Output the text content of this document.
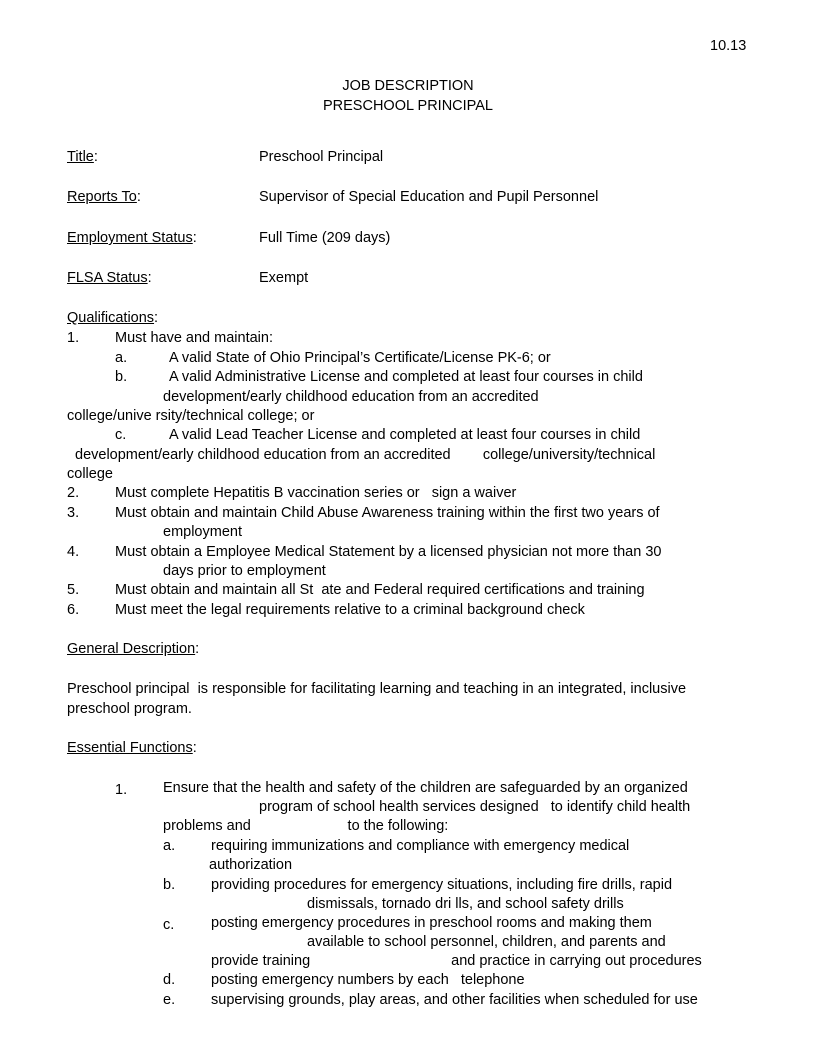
10.13
JOB DESCRIPTION
PRESCHOOL PRINCIPAL
Title:	Preschool Principal
Reports To:	Supervisor of Special Education and Pupil Personnel
Employment Status:	Full Time (209 days)
FLSA Status:	Exempt
Qualifications:
1. Must have and maintain:
a.	A valid State of Ohio Principal’s Certificate/License PK-6; or
b.	A valid Administrative License and completed at least four courses in child
development/early childhood education from an accredited
college/unive rsity/technical college; or
c.	A valid Lead Teacher License and completed at least four courses in child
development/early childhood education from an accredited        college/university/technical
college
2. Must complete Hepatitis B vaccination series or   sign a waiver
3. Must obtain and maintain Child Abuse Awareness training within the first two years of
employment
4. Must obtain a Employee Medical Statement by a licensed physician not more than 30
days prior to employment
5. Must obtain and maintain all St  ate and Federal required certifications and training
6. Must meet the legal requirements relative to a criminal background check
General Description:
Preschool principal  is responsible for facilitating learning and teaching in an integrated, inclusive
preschool program.
Essential Functions:
1. Ensure that the health and safety of the children are safeguarded by an organized
program of school health services designed   to identify child health
problems and                        to the following:
a. requiring immunizations and compliance with emergency medical
authorization
b. providing procedures for emergency situations, including fire drills, rapid
dismissals, tornado dri lls, and school safety drills
c.	posting emergency procedures in preschool rooms and making them
available to school personnel, children, and parents and
provide training                                   and practice in carrying out procedures
d. posting emergency numbers by each   telephone
e. supervising grounds, play areas, and other facilities when scheduled for use
